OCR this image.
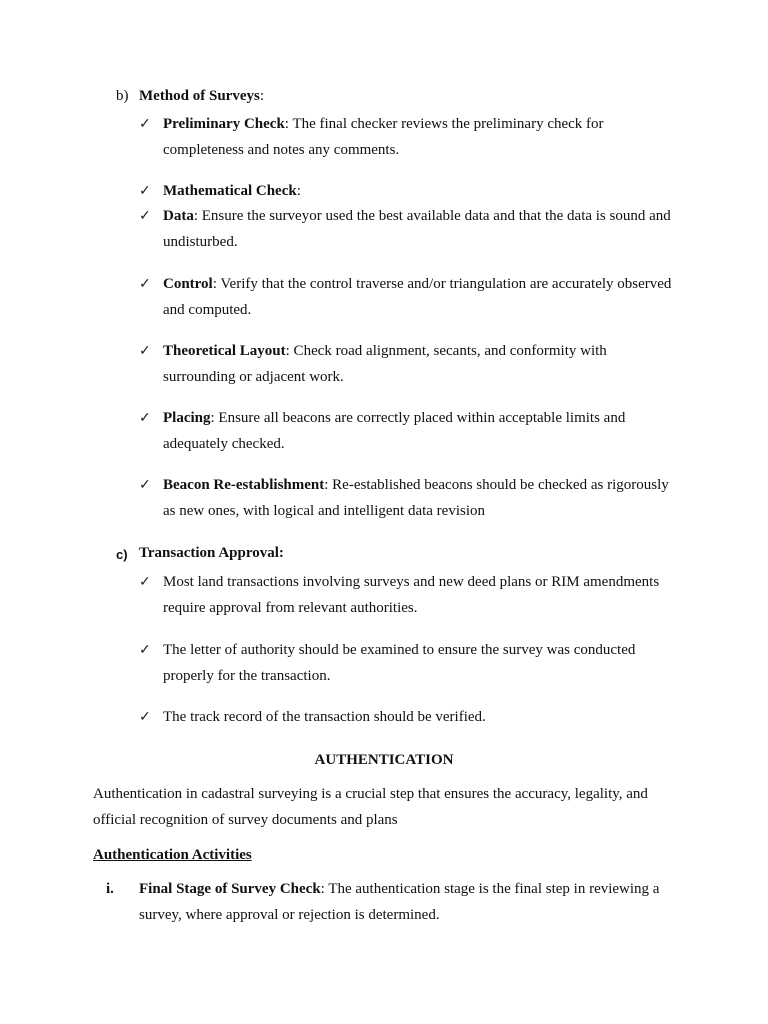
b) Method of Surveys:
✓ Preliminary Check: The final checker reviews the preliminary check for completeness and notes any comments.
✓ Mathematical Check:
✓ Data: Ensure the surveyor used the best available data and that the data is sound and undisturbed.
✓ Control: Verify that the control traverse and/or triangulation are accurately observed and computed.
✓ Theoretical Layout: Check road alignment, secants, and conformity with surrounding or adjacent work.
✓ Placing: Ensure all beacons are correctly placed within acceptable limits and adequately checked.
✓ Beacon Re-establishment: Re-established beacons should be checked as rigorously as new ones, with logical and intelligent data revision
c) Transaction Approval:
✓ Most land transactions involving surveys and new deed plans or RIM amendments require approval from relevant authorities.
✓ The letter of authority should be examined to ensure the survey was conducted properly for the transaction.
✓ The track record of the transaction should be verified.
AUTHENTICATION
Authentication in cadastral surveying is a crucial step that ensures the accuracy, legality, and official recognition of survey documents and plans
Authentication Activities
i. Final Stage of Survey Check: The authentication stage is the final step in reviewing a survey, where approval or rejection is determined.
